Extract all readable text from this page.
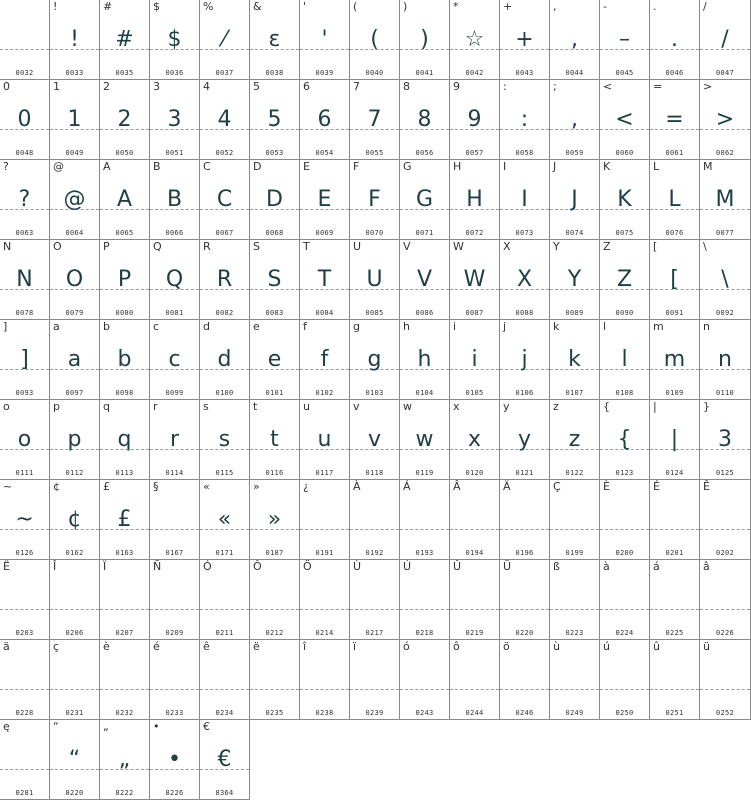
0032
!
!
0033
#
#
0035
$
$
0036
%
⁄
0037
&
ɛ
0038
'
'
0039
(
(
0040
)
)
0041
*
☆
0042
+
+
0043
,
,
0044
-
–
0045
.
.
0046
/
/
0047
0
0
0048
1
1
0049
2
2
0050
3
3
0051
4
4
0052
5
5
0053
6
6
0054
7
7
0055
8
8
0056
9
9
0057
:
:
0058
;
,
0059
<
<
0060
=
=
0061
>
>
0062
?
?
0063
@
@
0064
A
A
0065
B
B
0066
C
C
0067
D
D
0068
E
E
0069
F
F
0070
G
G
0071
H
H
0072
I
I
0073
J
J
0074
K
K
0075
L
L
0076
M
M
0077
N
N
0078
O
O
0079
P
P
0080
Q
Q
0081
R
R
0082
S
S
0083
T
T
0084
U
U
0085
V
V
0086
W
W
0087
X
X
0088
Y
Y
0089
Z
Z
0090
[
[
0091
\
\
0092
]
]
0093
a
a
0097
b
b
0098
c
c
0099
d
d
0100
e
e
0101
f
f
0102
g
g
0103
h
h
0104
i
i
0105
j
j
0106
k
k
0107
l
l
0108
m
m
0109
n
n
0110
o
o
0111
p
p
0112
q
q
0113
r
r
0114
s
s
0115
t
t
0116
u
u
0117
v
v
0118
w
w
0119
x
x
0120
y
y
0121
z
z
0122
{
{
0123
|
|
0124
}
3
0125
~
~
0126
¢
¢
0162
£
£
0163
§
0167
«
«
0171
»
»
0187
¿
0191
À
0192
Á
0193
Â
0194
Ä
0196
Ç
0199
È
0200
É
0201
Ê
0202
Ë
0203
Î
0206
Ï
0207
Ñ
0209
Ó
0211
Ô
0212
Ö
0214
Ù
0217
Ú
0218
Û
0219
Ü
0220
ß
0223
à
0224
á
0225
â
0226
ä
0228
ç
0231
è
0232
é
0233
ê
0234
ë
0235
î
0238
ï
0239
ó
0243
ô
0244
ö
0246
ù
0249
ú
0250
û
0251
ü
0252
ę
0281
“
“
8220
„
„
8222
•
•
8226
€
€
8364
